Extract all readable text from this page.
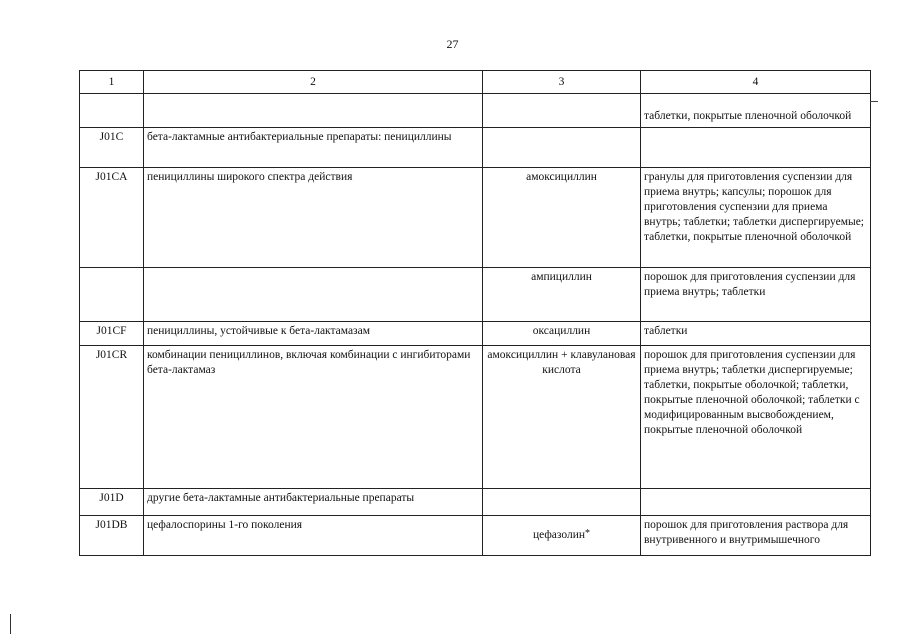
27
1	2	3	4
			таблетки, покрытые пленочной оболочкой
J01C	бета-лактамные антибактериальные препараты: пенициллины		
J01CA	пенициллины широкого спектра действия	амоксициллин	гранулы для приготовления суспензии для приема внутрь; капсулы; порошок для приготовления суспензии для приема внутрь; таблетки; таблетки диспергируемые; таблетки, покрытые пленочной оболочкой
		ампициллин	порошок для приготовления суспензии для приема внутрь; таблетки
J01CF	пенициллины, устойчивые к бета-лактамазам	оксациллин	таблетки
J01CR	комбинации пенициллинов, включая комбинации с ингибиторами бета-лактамаз	амоксициллин + клавулановая кислота	порошок для приготовления суспензии для приема внутрь; таблетки диспергируемые; таблетки, покрытые оболочкой; таблетки, покрытые пленочной оболочкой; таблетки с модифицированным высвобождением, покрытые пленочной оболочкой
J01D	другие бета-лактамные антибактериальные препараты		
J01DB	цефалоспорины 1-го поколения	цефазолин*	порошок для приготовления раствора для внутривенного и внутримышечного
